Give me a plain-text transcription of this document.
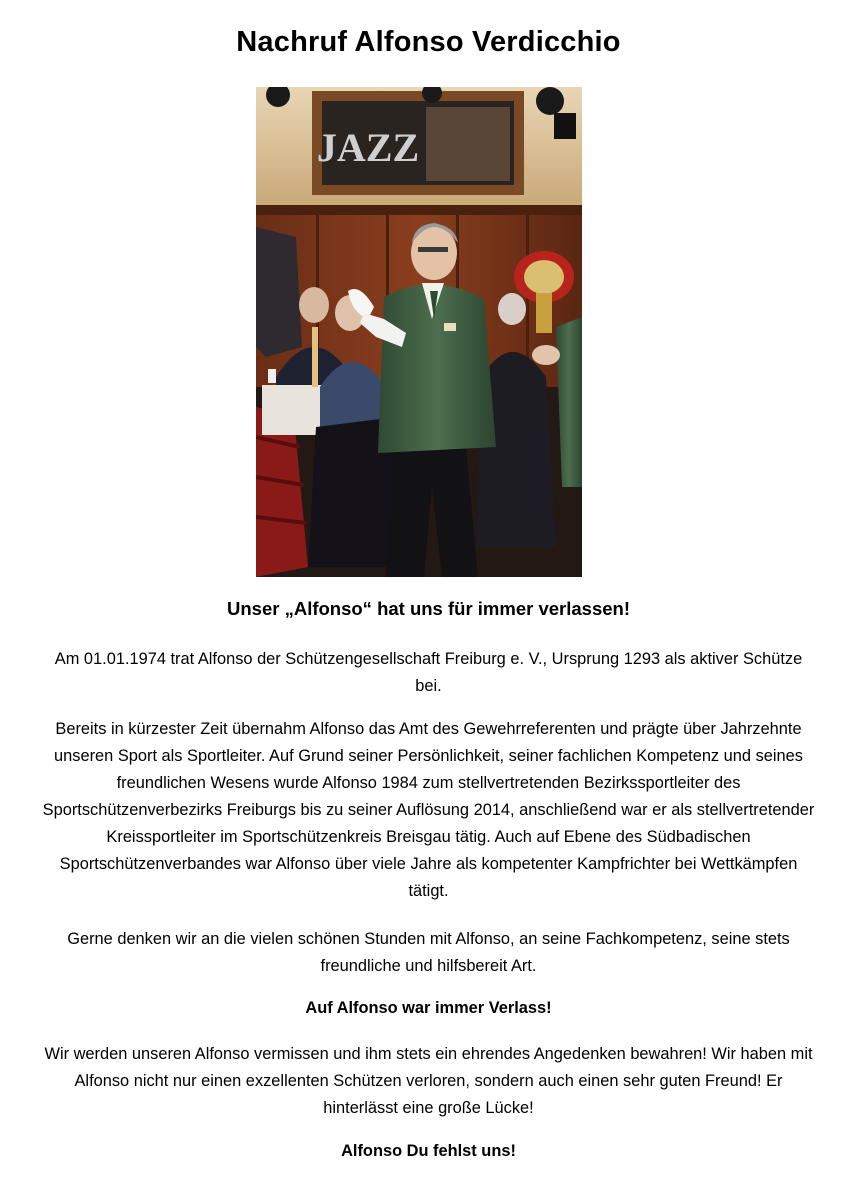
Nachruf Alfonso Verdicchio
JAZZ
Unser „Alfonso“ hat uns für immer verlassen!
Am 01.01.1974 trat Alfonso der Schützengesellschaft Freiburg e. V., Ursprung 1293 als aktiver Schütze bei.
Bereits in kürzester Zeit übernahm Alfonso das Amt des Gewehrreferenten und prägte über Jahrzehnte unseren Sport als Sportleiter. Auf Grund seiner Persönlichkeit, seiner fachlichen Kompetenz und seines freundlichen Wesens wurde Alfonso 1984 zum stellvertretenden Bezirkssportleiter des Sportschützenverbezirks Freiburgs bis zu seiner Auflösung 2014, anschließend war er als stellvertretender Kreissportleiter im Sportschützenkreis Breisgau tätig. Auch auf Ebene des Südbadischen Sportschützenverbandes war Alfonso über viele Jahre als kompetenter Kampfrichter bei Wettkämpfen tätigt.
Gerne denken wir an die vielen schönen Stunden mit Alfonso, an seine Fachkompetenz, seine stets freundliche und hilfsbereit Art.
Auf Alfonso war immer Verlass!
Wir werden unseren Alfonso vermissen und ihm stets ein ehrendes Angedenken bewahren! Wir haben mit Alfonso nicht nur einen exzellenten Schützen verloren, sondern auch einen sehr guten Freund! Er hinterlässt eine große Lücke!
Alfonso Du fehlst uns!
